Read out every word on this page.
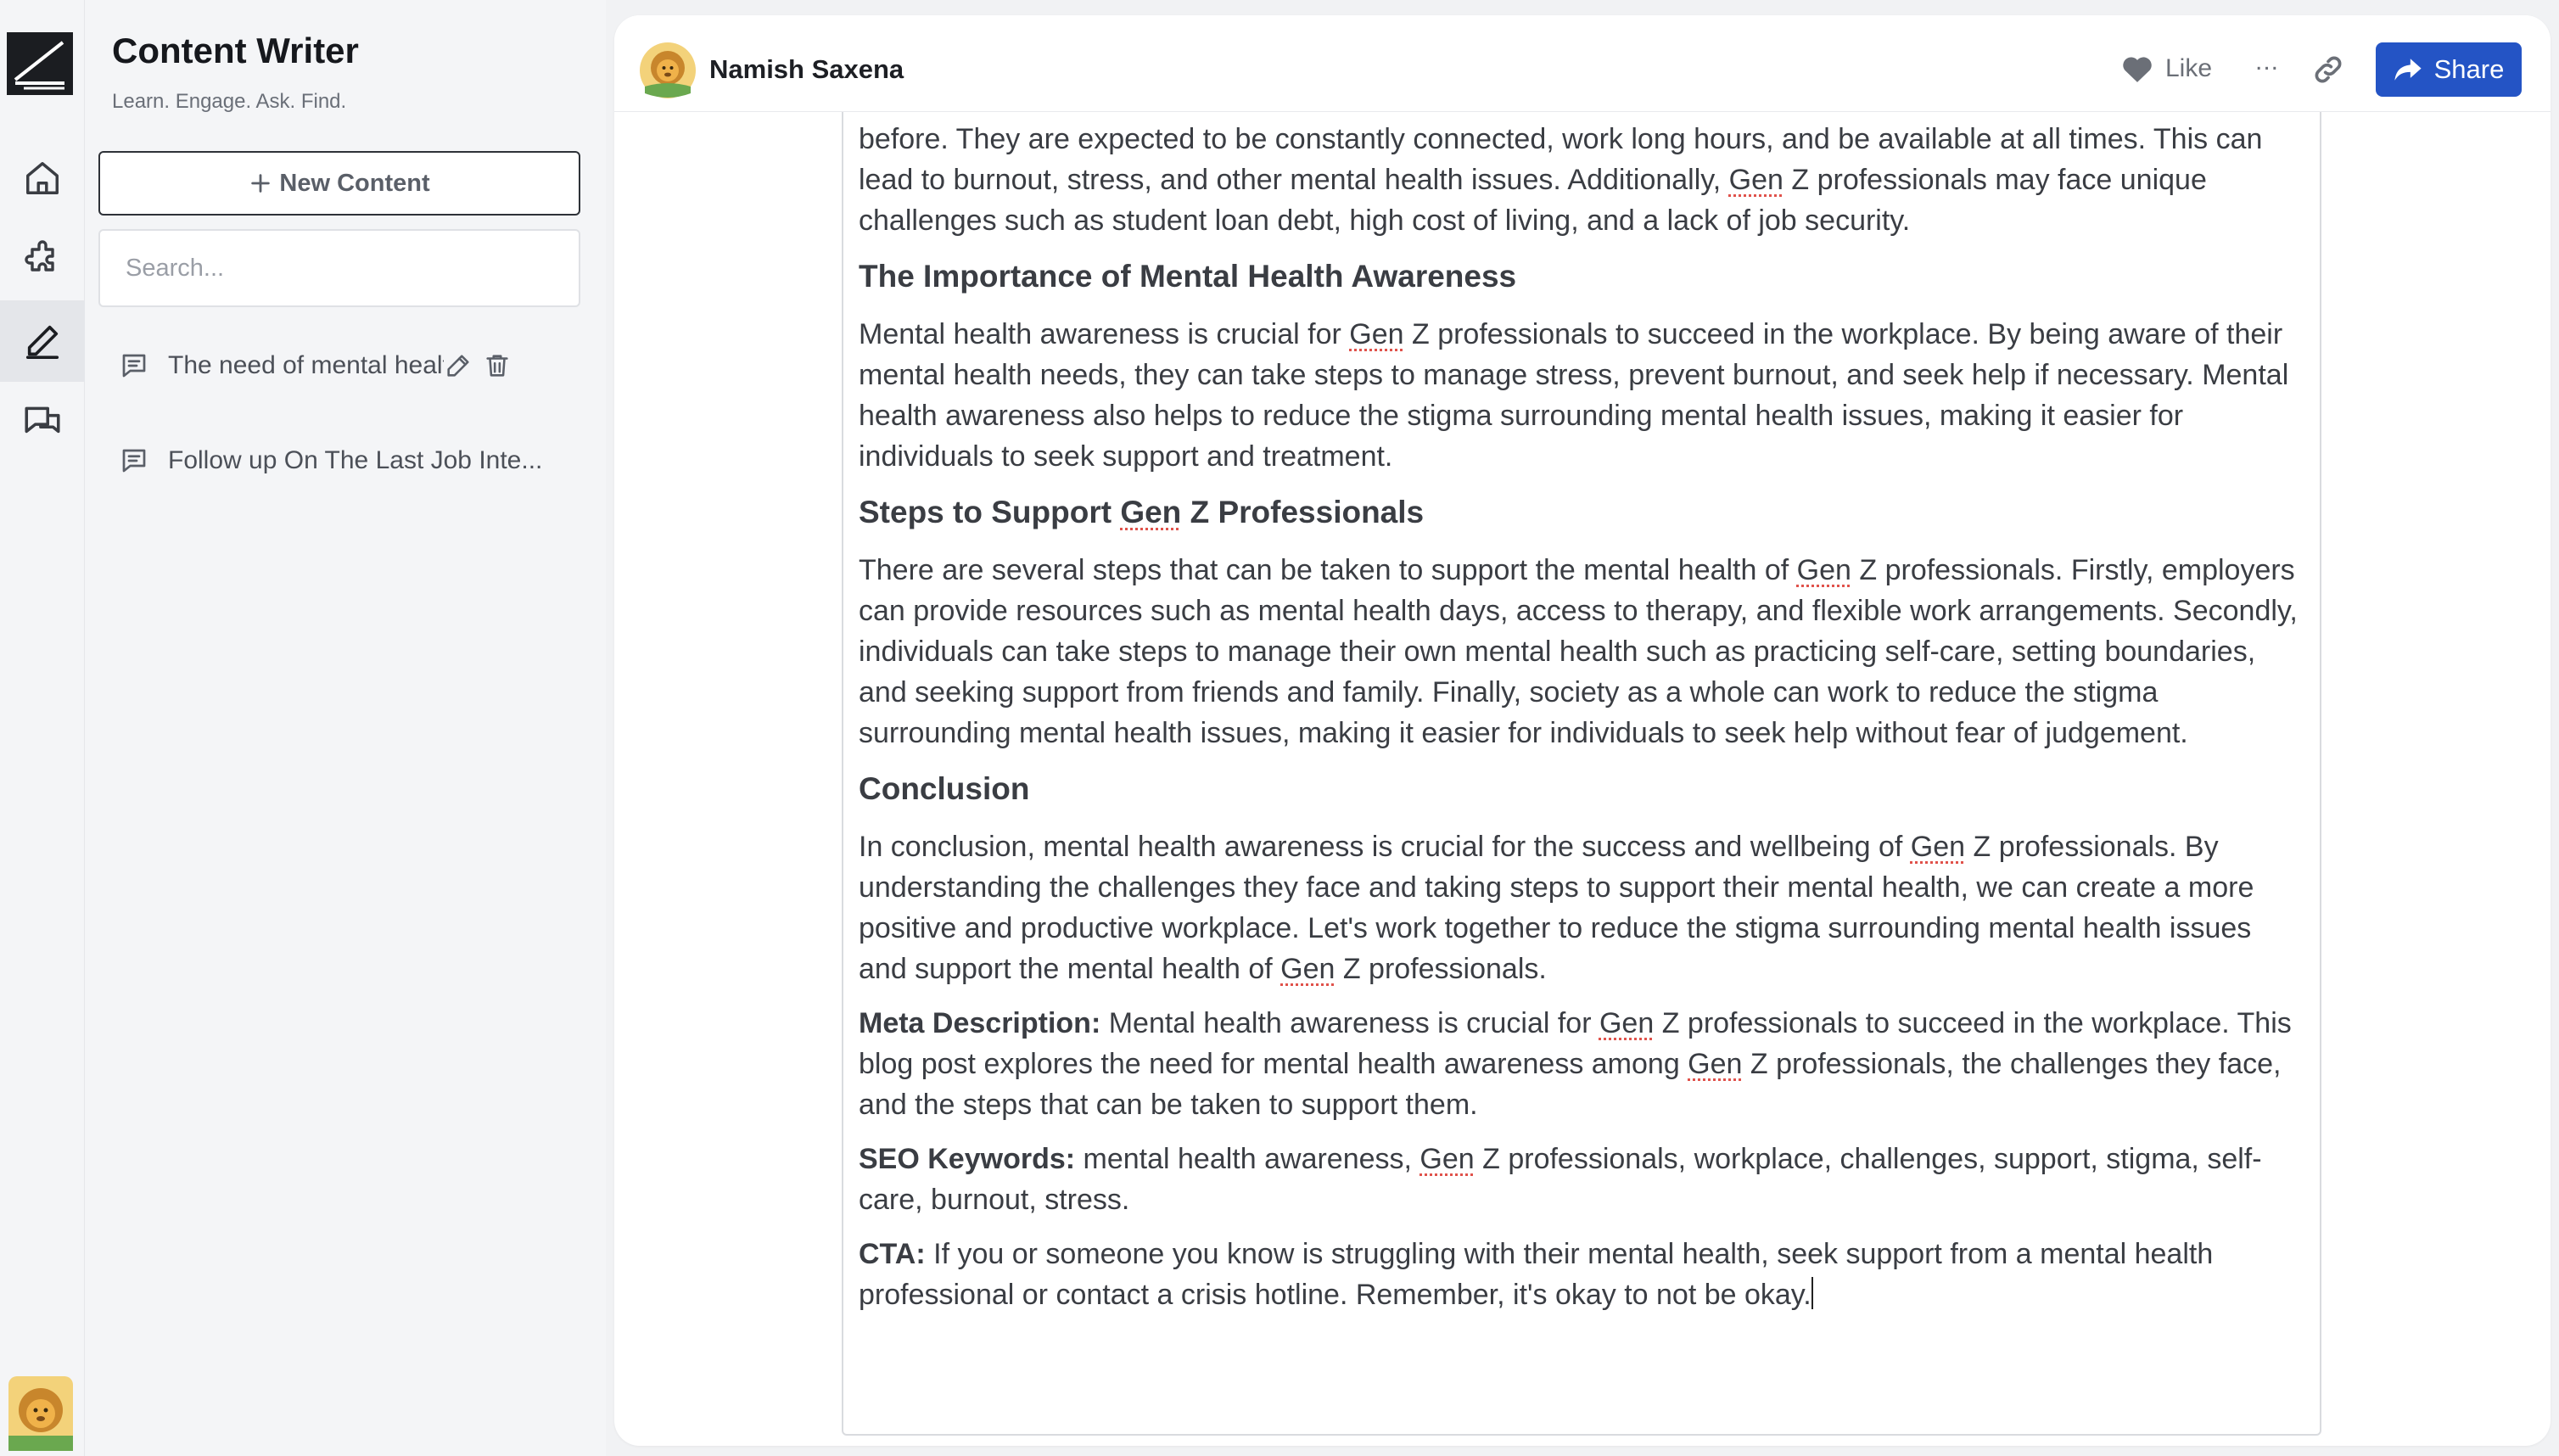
Content Writer
Learn. Engage. Ask. Find.
New Content
Search...
The need of mental health
Follow up On The Last Job Inte...

before. They are expected to be constantly connected, work long hours, and be available at all times. This can lead to burnout, stress, and other mental health issues. Additionally, Gen Z professionals may face unique challenges such as student loan debt, high cost of living, and a lack of job security.

The Importance of Mental Health Awareness

Mental health awareness is crucial for Gen Z professionals to succeed in the workplace. By being aware of their mental health needs, they can take steps to manage stress, prevent burnout, and seek help if necessary. Mental health awareness also helps to reduce the stigma surrounding mental health issues, making it easier for individuals to seek support and treatment.

Steps to Support Gen Z Professionals

There are several steps that can be taken to support the mental health of Gen Z professionals. Firstly, employers can provide resources such as mental health days, access to therapy, and flexible work arrangements. Secondly, individuals can take steps to manage their own mental health such as practicing self-care, setting boundaries, and seeking support from friends and family. Finally, society as a whole can work to reduce the stigma surrounding mental health issues, making it easier for individuals to seek help without fear of judgement.

Conclusion

In conclusion, mental health awareness is crucial for the success and wellbeing of Gen Z professionals. By understanding the challenges they face and taking steps to support their mental health, we can create a more positive and productive workplace. Let's work together to reduce the stigma surrounding mental health issues and support the mental health of Gen Z professionals.

Meta Description: Mental health awareness is crucial for Gen Z professionals to succeed in the workplace. This blog post explores the need for mental health awareness among Gen Z professionals, the challenges they face, and the steps that can be taken to support them.

SEO Keywords: mental health awareness, Gen Z professionals, workplace, challenges, support, stigma, self-care, burnout, stress.

CTA: If you or someone you know is struggling with their mental health, seek support from a mental health professional or contact a crisis hotline. Remember, it's okay to not be okay.

Namish Saxena	Like ...	Share
